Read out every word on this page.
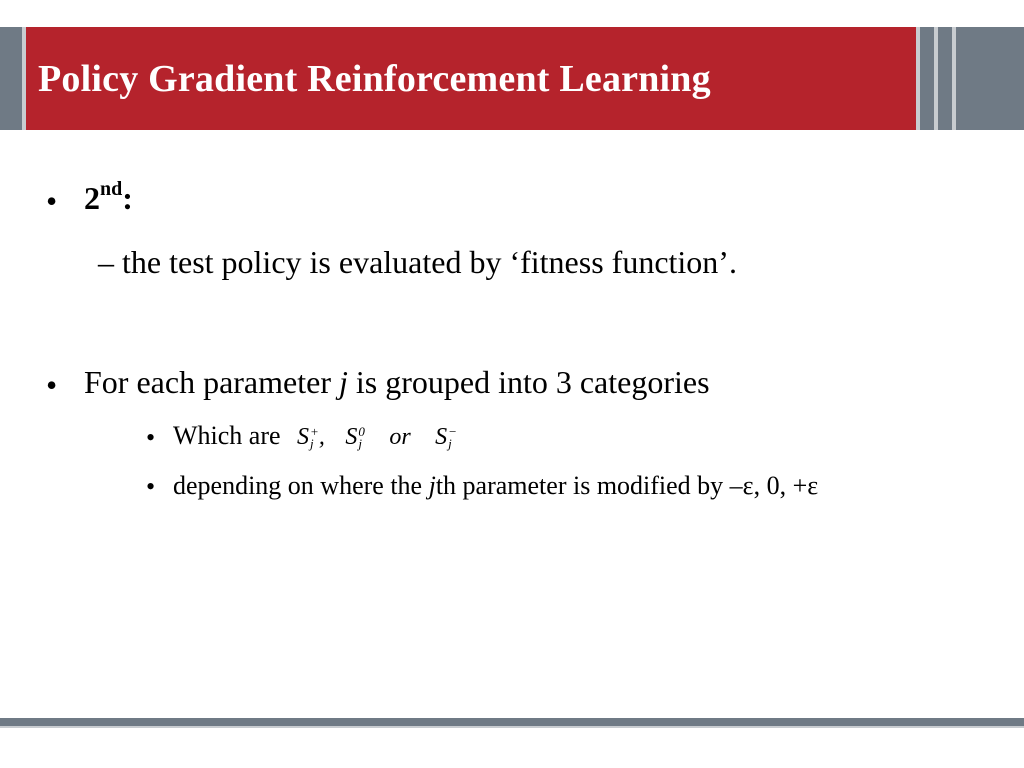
Policy Gradient Reinforcement Learning
• 2nd:
– the test policy is evaluated by ‘fitness function’.
• For each parameter j is grouped into 3 categories
• Which are S +
j , S 0
j or S −
j
• depending on where the jth parameter is modified by –ε, 0, +ε
